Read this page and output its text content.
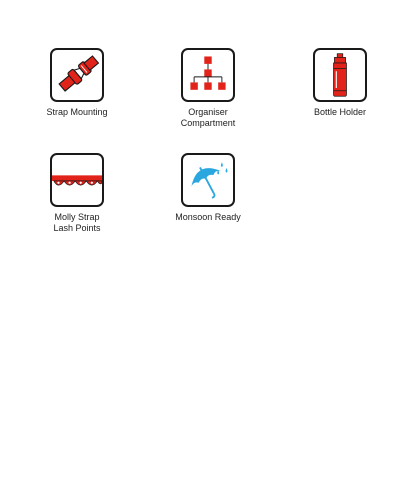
Strap Mounting	Organiser
Compartment
Bottle Holder
Molly Strap
Lash Points
Monsoon Ready
